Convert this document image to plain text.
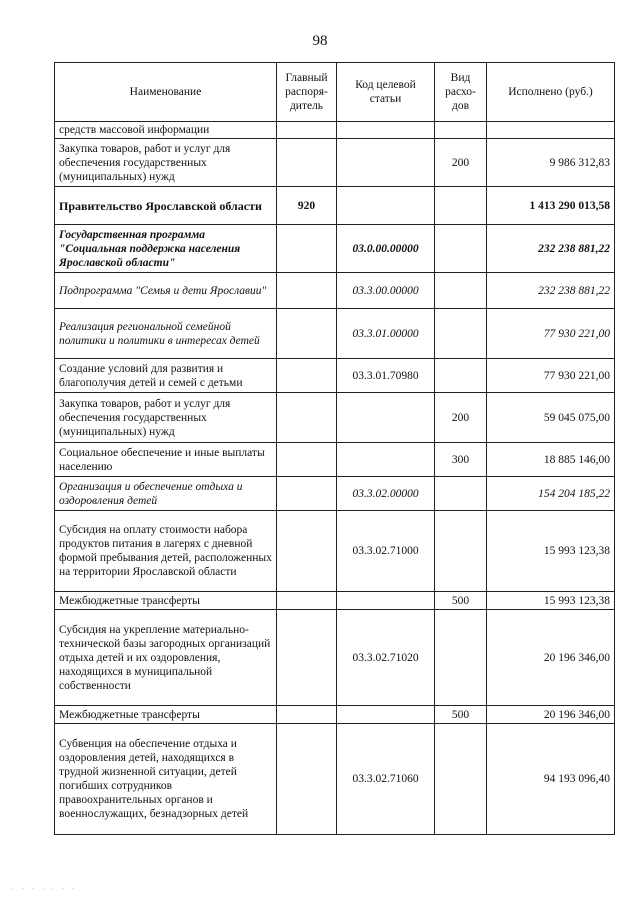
98
Наименование	Главный распоря-дитель	Код целевой статьи	Вид расхо-дов	Исполнено (руб.)
средств массовой информации				
Закупка товаров, работ и услуг для обеспечения государственных (муниципальных) нужд			200	9 986 312,83
Правительство Ярославской области	920			1 413 290 013,58
Государственная программа "Социальная поддержка населения Ярославской области"		03.0.00.00000		232 238 881,22
Подпрограмма "Семья и дети Ярославии"		03.3.00.00000		232 238 881,22
Реализация региональной семейной политики и политики в интересах детей		03.3.01.00000		77 930 221,00
Создание условий для развития и благополучия детей и семей с детьми		03.3.01.70980		77 930 221,00
Закупка товаров, работ и услуг для обеспечения государственных (муниципальных) нужд			200	59 045 075,00
Социальное обеспечение и иные выплаты населению			300	18 885 146,00
Организация и обеспечение отдыха и оздоровления детей		03.3.02.00000		154 204 185,22
Субсидия на оплату стоимости набора продуктов питания в лагерях с дневной формой пребывания детей, расположенных на территории Ярославской области		03.3.02.71000		15 993 123,38
Межбюджетные трансферты			500	15 993 123,38
Субсидия на укрепление материально-технической базы загородных организаций отдыха детей и их оздоровления, находящихся в муниципальной собственности		03.3.02.71020		20 196 346,00
Межбюджетные трансферты			500	20 196 346,00
Субвенция на обеспечение отдыха и оздоровления детей, находящихся в трудной жизненной ситуации, детей погибших сотрудников правоохранительных органов и военнослужащих, безнадзорных детей		03.3.02.71060		94 193 096,40
. . . . . . .
